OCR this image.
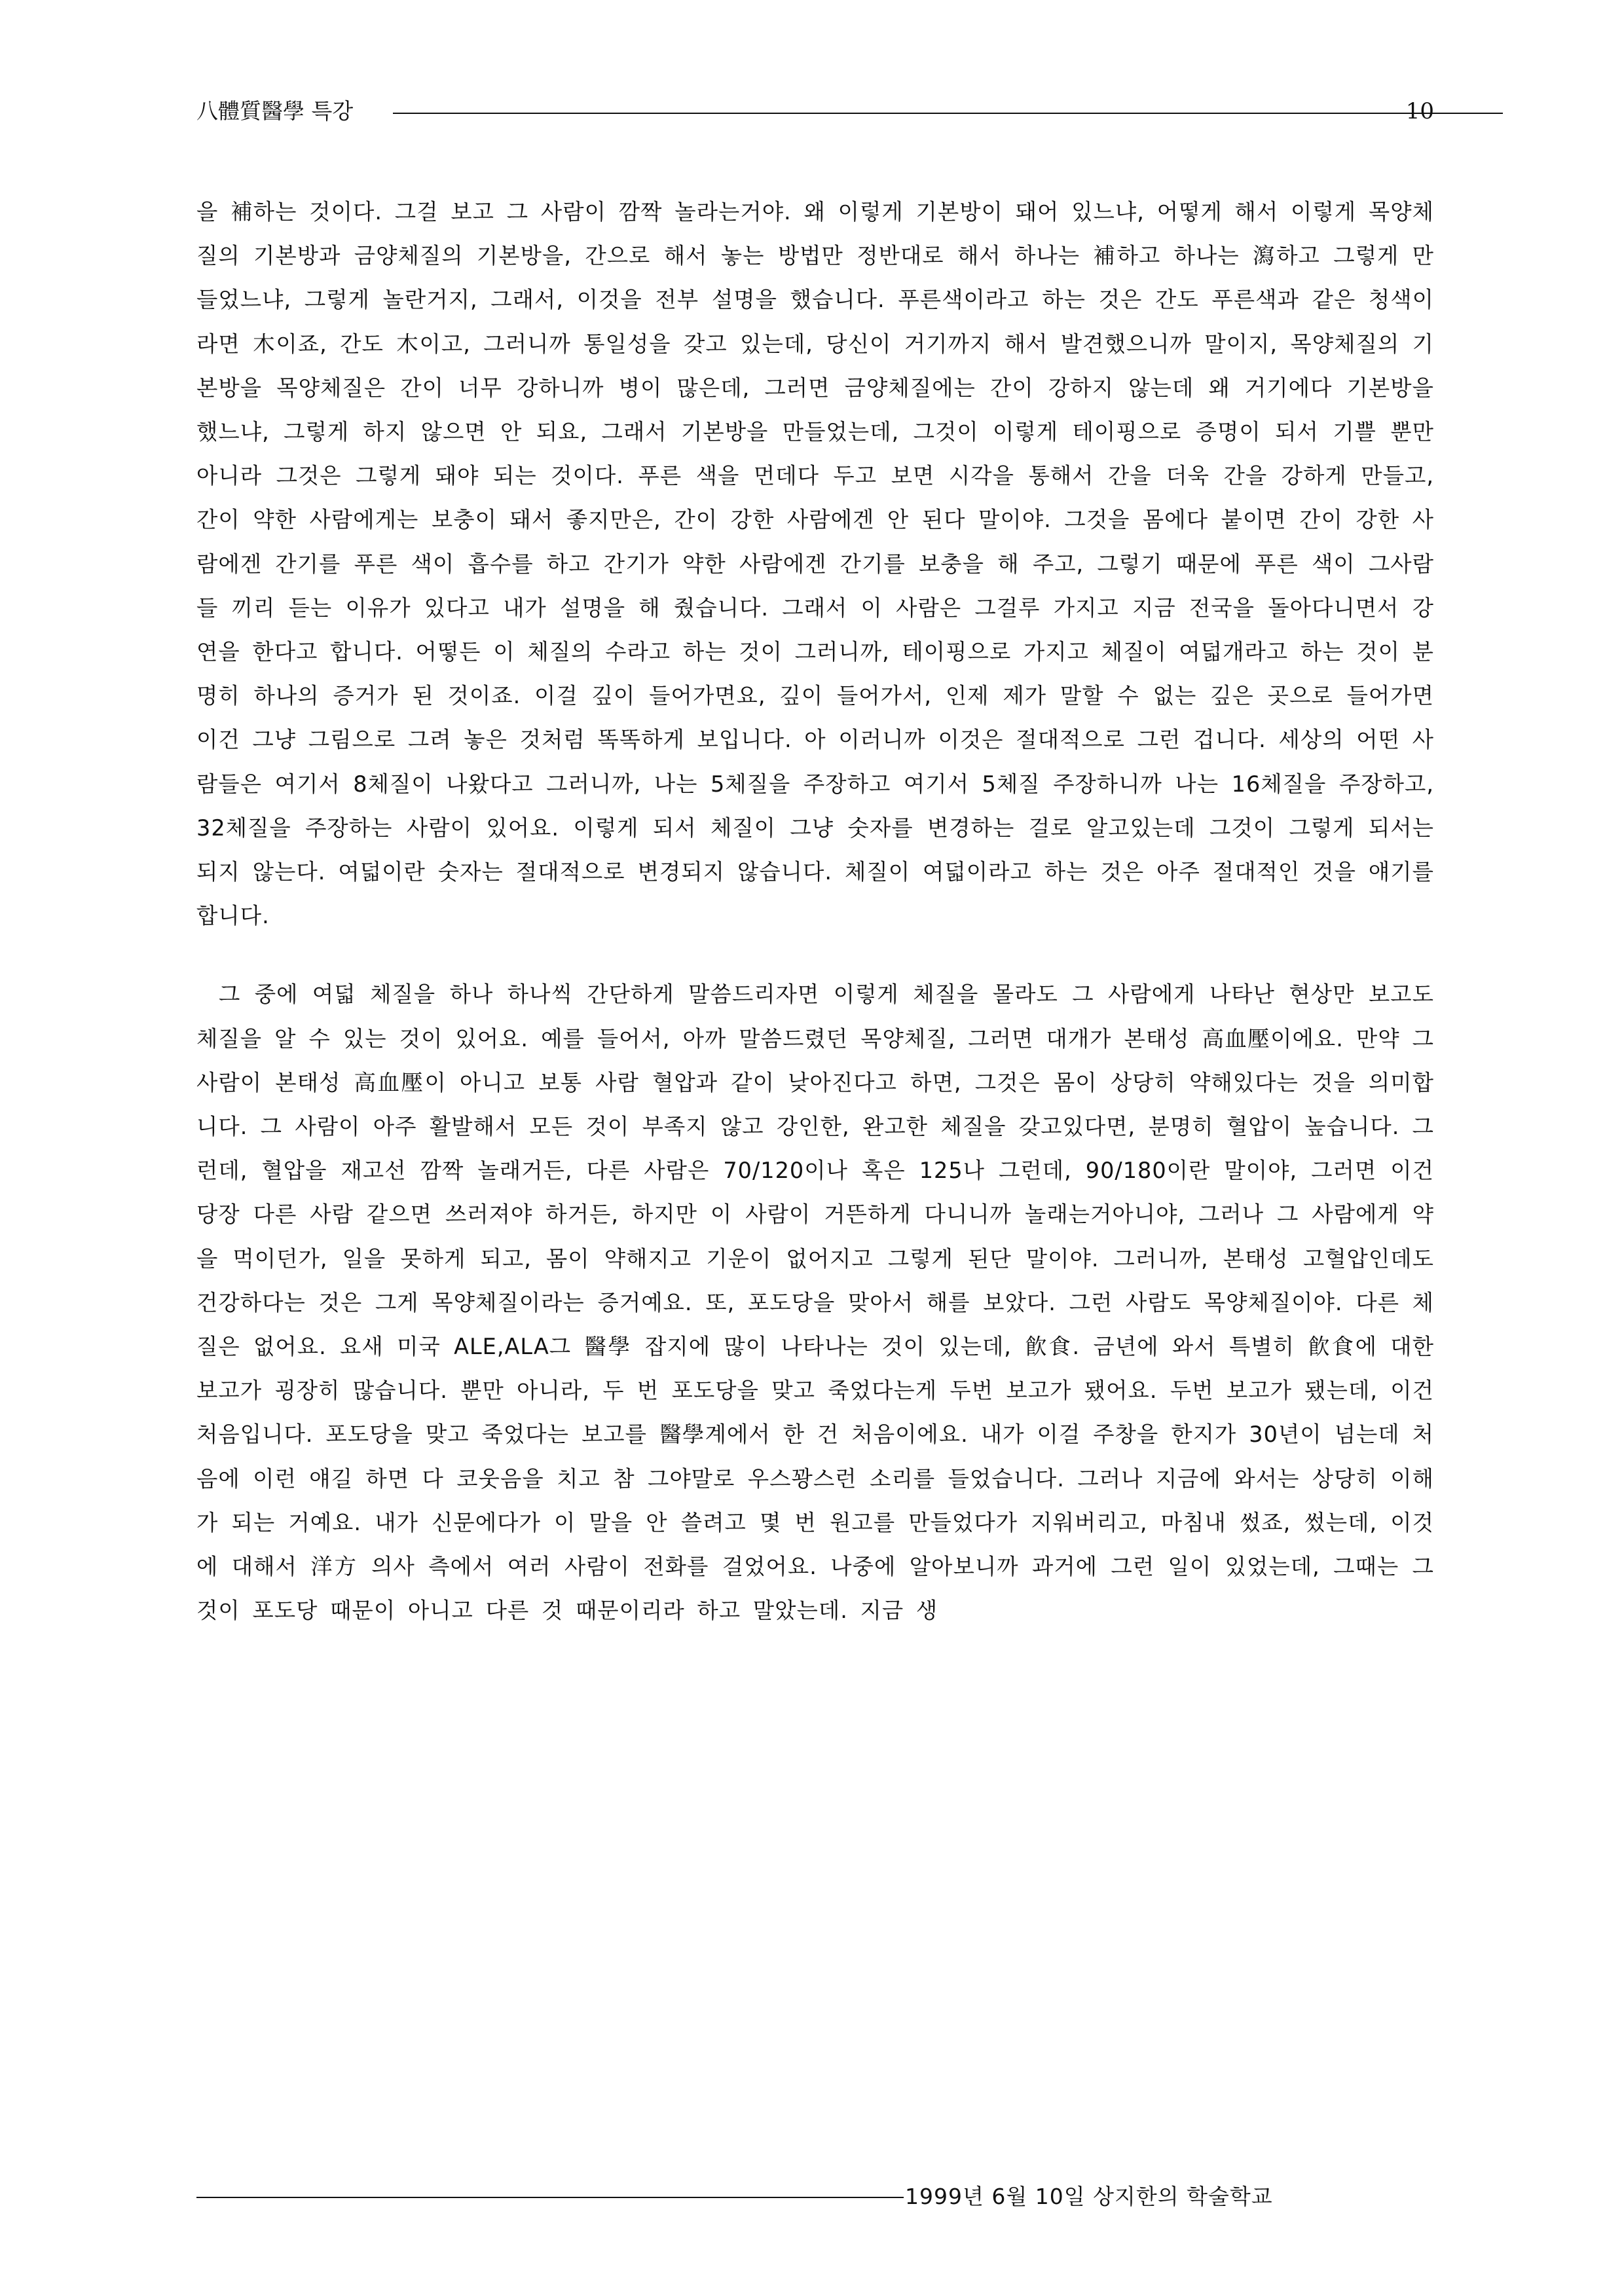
八體質醫學 특강	10

을 補하는 것이다. 그걸 보고 그 사람이 깜짝 놀라는거야. 왜 이렇게 기본방이 돼어 있느냐, 어떻게 해서 이렇게 목양체질의 기본방과 금양체질의 기본방을, 간으로 해서 놓는 방법만 정반대로 해서 하나는 補하고 하나는 瀉하고 그렇게 만들었느냐, 그렇게 놀란거지, 그래서, 이것을 전부 설명을 했습니다. 푸른색이라고 하는 것은 간도 푸른색과 같은 청색이라면 木이죠, 간도 木이고, 그러니까 통일성을 갖고 있는데, 당신이 거기까지 해서 발견했으니까 말이지, 목양체질의 기본방을 목양체질은 간이 너무 강하니까 병이 많은데, 그러면 금양체질에는 간이 강하지 않는데 왜 거기에다 기본방을 했느냐, 그렇게 하지 않으면 안 되요, 그래서 기본방을 만들었는데, 그것이 이렇게 테이핑으로 증명이 되서 기쁠 뿐만 아니라 그것은 그렇게 돼야 되는 것이다. 푸른 색을 먼데다 두고 보면 시각을 통해서 간을 더욱 간을 강하게 만들고, 간이 약한 사람에게는 보충이 돼서 좋지만은, 간이 강한 사람에겐 안 된다 말이야. 그것을 몸에다 붙이면 간이 강한 사람에겐 간기를 푸른 색이 흡수를 하고 간기가 약한 사람에겐 간기를 보충을 해 주고, 그렇기 때문에 푸른 색이 그사람들 끼리 듣는 이유가 있다고 내가 설명을 해 줬습니다. 그래서 이 사람은 그걸루 가지고 지금 전국을 돌아다니면서 강연을 한다고 합니다. 어떻든 이 체질의 수라고 하는 것이 그러니까, 테이핑으로 가지고 체질이 여덟개라고 하는 것이 분명히 하나의 증거가 된 것이죠. 이걸 깊이 들어가면요, 깊이 들어가서, 인제 제가 말할 수 없는 깊은 곳으로 들어가면 이건 그냥 그림으로 그려 놓은 것처럼 똑똑하게 보입니다. 아 이러니까 이것은 절대적으로 그런 겁니다. 세상의 어떤 사람들은 여기서 8체질이 나왔다고 그러니까, 나는 5체질을 주장하고 여기서 5체질 주장하니까 나는 16체질을 주장하고, 32체질을 주장하는 사람이 있어요. 이렇게 되서 체질이 그냥 숫자를 변경하는 걸로 알고있는데 그것이 그렇게 되서는 되지 않는다. 여덟이란 숫자는 절대적으로 변경되지 않습니다. 체질이 여덟이라고 하는 것은 아주 절대적인 것을 얘기를 합니다.

그 중에 여덟 체질을 하나 하나씩 간단하게 말씀드리자면 이렇게 체질을 몰라도 그 사람에게 나타난 현상만 보고도 체질을 알 수 있는 것이 있어요. 예를 들어서, 아까 말씀드렸던 목양체질, 그러면 대개가 본태성 高血壓이에요. 만약 그 사람이 본태성 高血壓이 아니고 보통 사람 혈압과 같이 낮아진다고 하면, 그것은 몸이 상당히 약해있다는 것을 의미합니다. 그 사람이 아주 활발해서 모든 것이 부족지 않고 강인한, 완고한 체질을 갖고있다면, 분명히 혈압이 높습니다. 그런데, 혈압을 재고선 깜짝 놀래거든, 다른 사람은 70/120이나 혹은 125나 그런데, 90/180이란 말이야, 그러면 이건 당장 다른 사람 같으면 쓰러져야 하거든, 하지만 이 사람이 거뜬하게 다니니까 놀래는거아니야, 그러나 그 사람에게 약을 먹이던가, 일을 못하게 되고, 몸이 약해지고 기운이 없어지고 그렇게 된단 말이야. 그러니까, 본태성 고혈압인데도 건강하다는 것은 그게 목양체질이라는 증거예요. 또, 포도당을 맞아서 해를 보았다. 그런 사람도 목양체질이야. 다른 체질은 없어요. 요새 미국 ALE,ALA그 醫學 잡지에 많이 나타나는 것이 있는데, 飮食. 금년에 와서 특별히 飮食에 대한 보고가 굉장히 많습니다. 뿐만 아니라, 두 번 포도당을 맞고 죽었다는게 두번 보고가 됐어요. 두번 보고가 됐는데, 이건 처음입니다. 포도당을 맞고 죽었다는 보고를 醫學계에서 한 건 처음이에요. 내가 이걸 주창을 한지가 30년이 넘는데 처음에 이런 얘길 하면 다 코웃음을 치고 참 그야말로 우스꽝스런 소리를 들었습니다. 그러나 지금에 와서는 상당히 이해가 되는 거예요. 내가 신문에다가 이 말을 안 쓸려고 몇 번 원고를 만들었다가 지워버리고, 마침내 썼죠, 썼는데, 이것에 대해서 洋方 의사 측에서 여러 사람이 전화를 걸었어요. 나중에 알아보니까 과거에 그런 일이 있었는데, 그때는 그것이 포도당 때문이 아니고 다른 것 때문이리라 하고 말았는데. 지금 생

1999년 6월 10일 상지한의 학술학교
